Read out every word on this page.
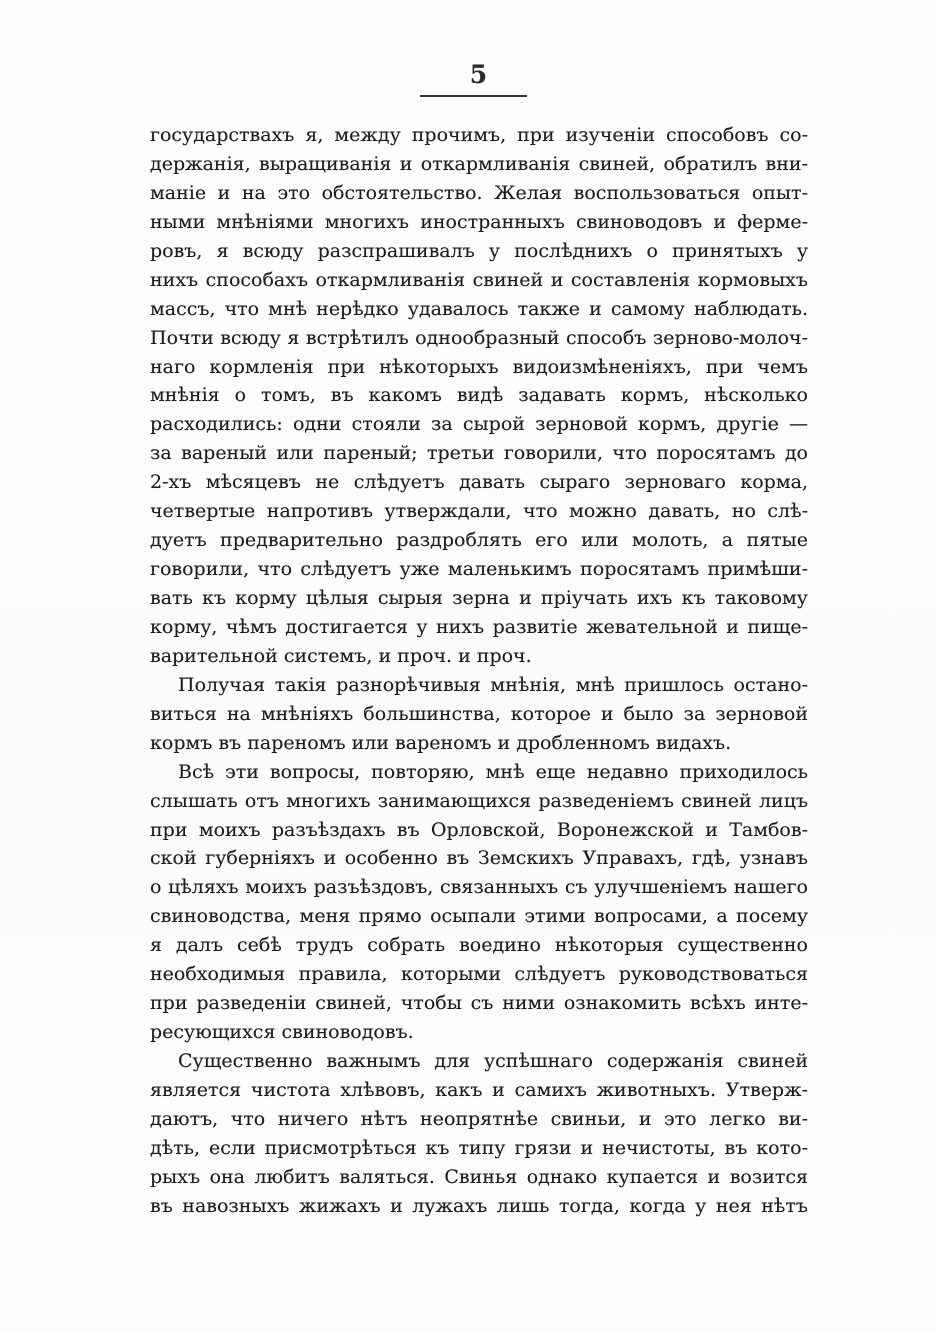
5
государствахъ я, между прочимъ, при изученіи способовъ со-
держанія, выращиванія и откармливанія свиней, обратилъ вни-
маніе и на это обстоятельство. Желая воспользоваться опыт-
ными мнѣніями многихъ иностранныхъ свиноводовъ и ферме-
ровъ, я всюду разспрашивалъ у послѣднихъ о принятыхъ у
нихъ способахъ откармливанія свиней и составленія кормовыхъ
массъ, что мнѣ нерѣдко удавалось также и самому наблюдать.
Почти всюду я встрѣтилъ однообразный способъ зерново-молоч-
наго кормленія при нѣкоторыхъ видоизмѣненіяхъ, при чемъ
мнѣнія о томъ, въ какомъ видѣ задавать кормъ, нѣсколько
расходились: одни стояли за сырой зерновой кормъ, другіе —
за вареный или пареный; третьи говорили, что поросятамъ до
2-хъ мѣсяцевъ не слѣдуетъ давать сыраго зерноваго корма,
четвертые напротивъ утверждали, что можно давать, но слѣ-
дуетъ предварительно раздроблять его или молоть, а пятые
говорили, что слѣдуетъ уже маленькимъ поросятамъ примѣши-
вать къ корму цѣлыя сырыя зерна и пріучать ихъ къ таковому
корму, чѣмъ достигается у нихъ развитіе жевательной и пище-
варительной системъ, и проч. и проч.
Получая такія разнорѣчивыя мнѣнія, мнѣ пришлось остано-
виться на мнѣніяхъ большинства, которое и было за зерновой
кормъ въ пареномъ или вареномъ и дробленномъ видахъ.
Всѣ эти вопросы, повторяю, мнѣ еще недавно приходилось
слышать отъ многихъ занимающихся разведеніемъ свиней лицъ
при моихъ разъѣздахъ въ Орловской, Воронежской и Тамбов-
ской губерніяхъ и особенно въ Земскихъ Управахъ, гдѣ, узнавъ
о цѣляхъ моихъ разъѣздовъ, связанныхъ съ улучшеніемъ нашего
свиноводства, меня прямо осыпали этими вопросами, а посему
я далъ себѣ трудъ собрать воедино нѣкоторыя существенно
необходимыя правила, которыми слѣдуетъ руководствоваться
при разведеніи свиней, чтобы съ ними ознакомить всѣхъ инте-
ресующихся свиноводовъ.
Существенно важнымъ для успѣшнаго содержанія свиней
является чистота хлѣвовъ, какъ и самихъ животныхъ. Утверж-
даютъ, что ничего нѣтъ неопрятнѣе свиньи, и это легко ви-
дѣть, если присмотрѣться къ типу грязи и нечистоты, въ кото-
рыхъ она любитъ валяться. Свинья однако купается и возится
въ навозныхъ жижахъ и лужахъ лишь тогда, когда у нея нѣтъ
